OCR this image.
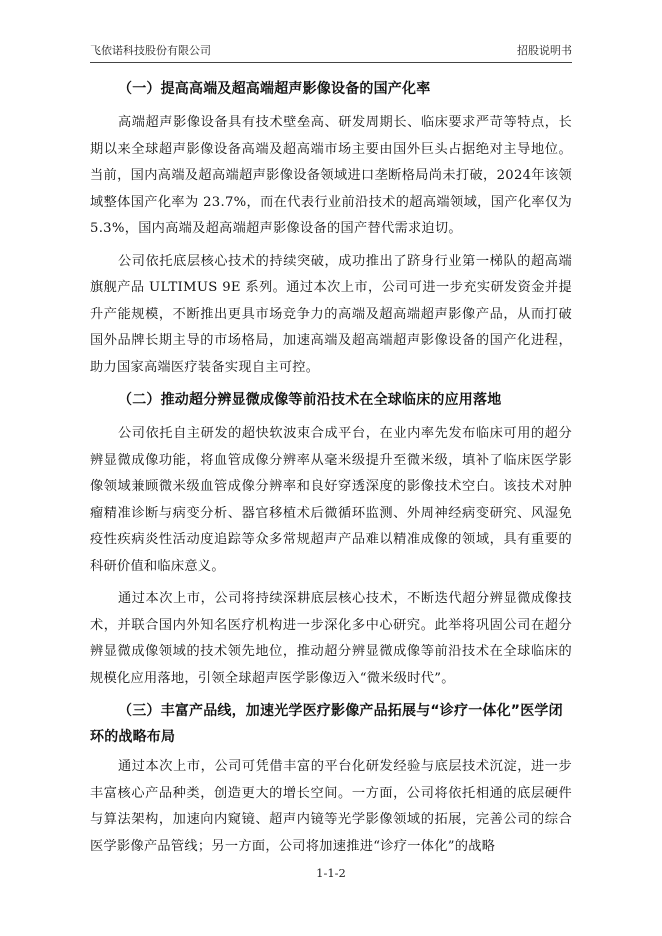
飞依诺科技股份有限公司	招股说明书
（一）提高高端及超高端超声影像设备的国产化率

高端超声影像设备具有技术壁垒高、研发周期长、临床要求严苛等特点，长期以来全球超声影像设备高端及超高端市场主要由国外巨头占据绝对主导地位。当前，国内高端及超高端超声影像设备领域进口垄断格局尚未打破，2024年该领域整体国产化率为 23.7%，而在代表行业前沿技术的超高端领域，国产化率仅为 5.3%，国内高端及超高端超声影像设备的国产替代需求迫切。

公司依托底层核心技术的持续突破，成功推出了跻身行业第一梯队的超高端旗舰产品 ULTIMUS 9E 系列。通过本次上市，公司可进一步充实研发资金并提升产能规模，不断推出更具市场竞争力的高端及超高端超声影像产品，从而打破国外品牌长期主导的市场格局，加速高端及超高端超声影像设备的国产化进程，助力国家高端医疗装备实现自主可控。

（二）推动超分辨显微成像等前沿技术在全球临床的应用落地

公司依托自主研发的超快软波束合成平台，在业内率先发布临床可用的超分辨显微成像功能，将血管成像分辨率从毫米级提升至微米级，填补了临床医学影像领域兼顾微米级血管成像分辨率和良好穿透深度的影像技术空白。该技术对肿瘤精准诊断与病变分析、器官移植术后微循环监测、外周神经病变研究、风湿免疫性疾病炎性活动度追踪等众多常规超声产品难以精准成像的领域，具有重要的科研价值和临床意义。

通过本次上市，公司将持续深耕底层核心技术，不断迭代超分辨显微成像技术，并联合国内外知名医疗机构进一步深化多中心研究。此举将巩固公司在超分辨显微成像领域的技术领先地位，推动超分辨显微成像等前沿技术在全球临床的规模化应用落地，引领全球超声医学影像迈入“微米级时代”。

（三）丰富产品线，加速光学医疗影像产品拓展与“诊疗一体化”医学闭环的战略布局

通过本次上市，公司可凭借丰富的平台化研发经验与底层技术沉淀，进一步丰富核心产品种类，创造更大的增长空间。一方面，公司将依托相通的底层硬件与算法架构，加速向内窥镜、超声内镜等光学影像领域的拓展，完善公司的综合医学影像产品管线；另一方面，公司将加速推进“诊疗一体化”的战略

1-1-2
